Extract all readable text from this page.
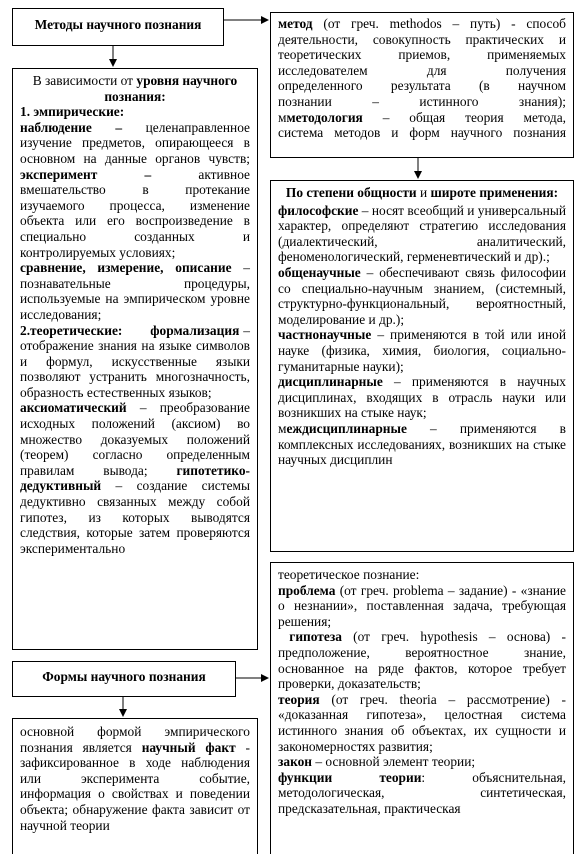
Методы научного познания	метод (от греч. methodos – путь) - способ
деятельности, совокупность практических и
теоретических приемов, применяемых
исследователем для получения
определенного результата (в научном
познании – истинного знания);
мметодология – общая теория метода,
система методов и форм научного познания
В зависимости от уровня научного познания:
1. эмпирические:
наблюдение – целенаправленное изучение предметов, опирающееся в основном на данные органов чувств; эксперимент – активное вмешательство в протекание изучаемого процесса, изменение объекта или его воспроизведение в специально созданных и контролируемых условиях;
сравнение, измерение, описание – познавательные процедуры, используемые на эмпирическом уровне исследования;
2.теоретические: формализация – отображение знания на языке символов и формул, искусственные языки позволяют устранить многозначность, образность естественных языков;
аксиоматический – преобразование исходных положений (аксиом) во множество доказуемых положений (теорем) согласно определенным правилам вывода; гипотетико-дедуктивный – создание системы дедуктивно связанных между собой гипотез, из которых выводятся следствия, которые затем проверяются экспериментально
По степени общности и широте применения:
философские – носят всеобщий и универсальный характер, определяют стратегию исследования (диалектический, аналитический, феноменологический, герменевтический и др).;
общенаучные – обеспечивают связь философии со специально-научным знанием, (системный, структурно-функциональный, вероятностный, моделирование и др.);
частнонаучные – применяются в той или иной науке (физика, химия, биология, социально-гуманитарные науки);
дисциплинарные – применяются в научных дисциплинах, входящих в отрасль науки или возникших на стыке наук;
междисциплинарные – применяются в комплексных исследованиях, возникших на стыке научных дисциплин
Формы научного познания
основной формой эмпирического познания является научный факт - зафиксированное в ходе наблюдения или эксперимента событие, информация о свойствах и поведении объекта; обнаружение факта зависит от научной теории
теоретическое познание:
проблема (от греч. problema – задание) - «знание о незнании», поставленная задача, требующая решения;
гипотеза (от греч. hypothesis – основа) - предположение, вероятностное знание, основанное на ряде фактов, которое требует проверки, доказательств;
теория (от греч. theoria – рассмотрение) - «доказанная гипотеза», целостная система истинного знания об объектах, их сущности и закономерностях развития;
закон – основной элемент теории;
функции теории: объяснительная, методологическая, синтетическая, предсказательная, практическая
